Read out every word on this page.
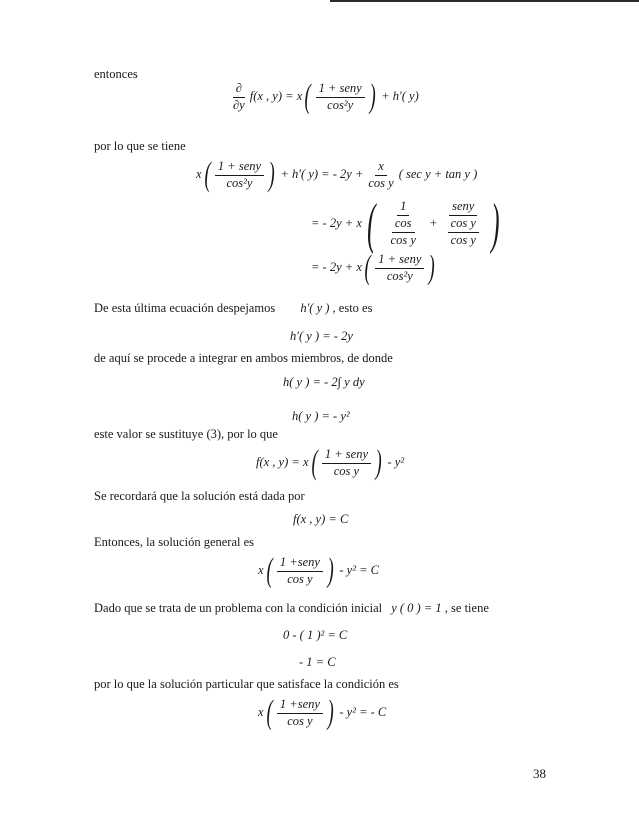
entonces
$\frac{\partial}{\partial y} f(x$ , $y) = x( \frac{\text{1 + seny}}{\text{cos²y}}$ ) + h′( y)
por lo que se tiene
$x( \frac{\text{1 + seny}}{\text{cos²y}}$ ) + h′( y) = - $2y + \frac{x}{\text{cos y}}$ ( sec y + tan y )
= - $2y + x( \frac{1}{\frac{\cos}{\text{cos y}}} + \frac{\text{seny}}{\frac{\text{cos y}}{\text{cos y}}}$ )
= - $2y + x( \frac{\text{1 + seny}}{\text{cos²y}}$ )
De esta última ecuación despejamos h′( y ) , esto es
h′( y ) = - 2y
de aquí se procede a integrar en ambos miembros, de donde
h( y ) = - 2∫ y dy
h( y ) = - y²
este valor se sustituye (3), por lo que
f(x , $y) = x( \frac{\text{1 + seny}}{\text{cos y}}$ ) - y²
Se recordará que la solución está dada por
f(x , y) = C
Entonces, la solución general es
$x( \frac{\text{1 +seny}}{\text{cos y}}$ ) - y² = C
Dado que se trata de un problema con la condición inicial y ( 0 ) = 1 , se tiene
0 - ( 1 )² = C
- 1 = C
por lo que la solución particular que satisface la condición es
$x( \frac{\text{1 +seny}}{\text{cos y}}$ ) - y² = - C
38
